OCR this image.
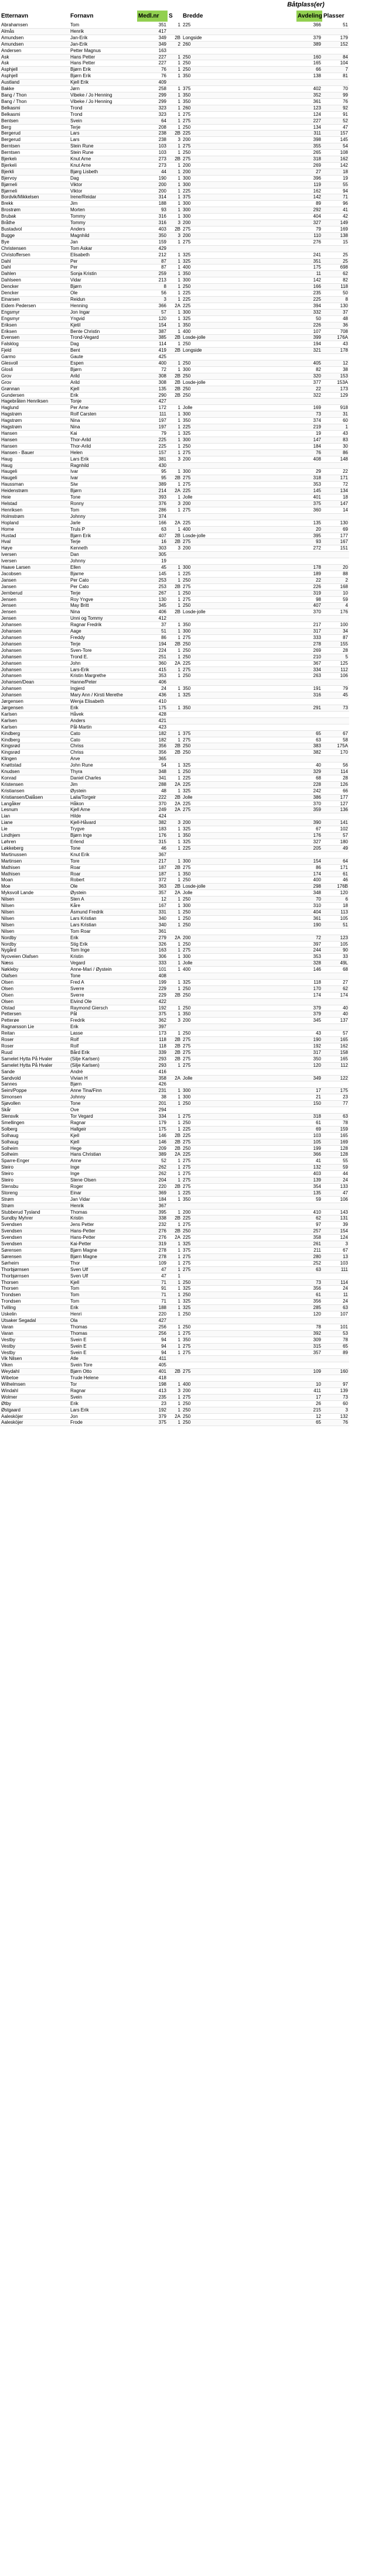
Båtplass(er)
Etternavn	Fornavn	Medl.nr	S	Bredde	Avdeling Plasser
Abrahamsen	Tom	351	1	225		366	51
Almås	Henrik	417					
Amundsen	Jan-Erik	349	2B	Longside		379	179
Amundsen	Jan-Erik	349	2	260		389	152
Andersen	Petter Magnus	163					
Ask	Hans Petter	227	1	250		160	84
Ask	Hans Petter	227	1	250		165	104
Asphjell	Bjørn Erik	76	1	250		66	7
Asphjell	Bjørn Erik	76	1	350		138	81
Austland	Kjell Erik	409					
Bakke	Jørn	258	1	375		402	70
Bang / Thon	Vibeke / Jo Henning	299	1	350		352	99
Bang / Thon	Vibeke / Jo Henning	299	1	350		361	76
Belkasmi	Trond	323	1	260		123	92
Belkasmi	Trond	323	1	275		124	91
Bentsen	Svein	64	1	275		227	52
Berg	Terje	208	1	250		134	47
Bergerud	Lars	238	2B	225		311	157
Bergerud	Lars	238	3	200		398	145
Berntsen	Stein Rune	103	1	275		355	54
Berntsen	Stein Rune	103	1	250		265	108
Bjerkelı	Knut Arne	273	2B	275		318	162
Bjerkeli	Knut Arne	273	1	200		269	142
Bjerkli	Bjørg Lisbeth	44	1	200		27	18
Bjervoy	Dag	190	1	300		396	19
Bjørneli	Viktor	200	1	300		119	55
Bjørneli	Viktor	200	1	225		162	94
Bordvik/Mikkelsen	Irene/Reidar	314	1	375		142	71
Brekk	Jim	188	1	300		89	96
Brostrøm	Morten	93	1	300		292	41
Brubak	Tommy	316	1	300		404	42
Bråthe	Tommy	316	3	200		327	149
Bustadvol	Anders	403	2B	275		79	169
Bugge	Magnhild	350	3	200		110	138
Bye	Jan	159	1	275		276	15
Christensen	Tom Askar	429					
Christoffersen	Elisabeth	212	1	325		241	25
Dahl	Per	87	1	325		351	25
Dahl	Per	87	1	400		175	698
Dahlen	Sonja Kristin	259	1	350		11	62
Dahlseen	Vidar	213	1	300		142	82
Dencker	Bjørn	8	1	250		166	118
Dencker	Ole	56	1	225		235	50
Einarsen	Reidun	3	1	225		225	8
Eidem Pedersen	Henning	366	2A	225		394	130
Engsmyr	Jon Ingar	57	1	300		332	37
Engsmyr	Yngvid	120	1	325		50	48
Eriksen	Kjetil	154	1	350		226	36
Eriksen	Bente Christin	387	1	400		107	708
Evensen	Trond-Vegard	385	2B	Losde-jolle		399	176A
Falsklog	Dag	114	1	250		194	43
Fjeld	Bent	419	2B	Longside		321	178
Garmo	Gaute	425					
Glesvoll	Espen	400	1	250		405	12
Glosli	Bjørn	72	1	300		82	38
Grov	Arild	308	2B	250		320	153
Grov	Arild	308	2B	Losde-jolle		377	153A
Grønnan	Kjell	135	2B	250		22	173
Gundersen	Erik	290	2B	250		322	129
Hagebråten Henriksen	Tonje	427					
Haglund	Per Arne	172	1	Jolle		169	918
Hagstrøm	Rolf Carsten	111	1	300		73	31
Hagstrøm	Nina	197	1	350		374	60
Hagstrøm	Nina	197	1	225		219	1
Hansen	Kai	79	1	325		19	43
Hansen	Thor-Arild	225	1	300		147	83
Hansen	Thor-Arild	225	1	250		184	30
Hansen - Bauer	Helen	157	1	275		76	86
Haug	Lars Erik	381	3	200		408	148
Haug	Ragnhild	430					
Haugeli	Ivar	95	1	300		29	22
Haugeli	Ivar	95	2B	275		318	171
Haussman	Siw	389	1	275		353	72
Heidenstrøm	Bjørn	214	2A	225		145	134
Heie	Tone	393	1	Jolle		401	18
Helstad	Ronny	376	3	200		375	147
Henriksen	Tom	286	1	275		360	14
Holmstrøm	Johnny	374					
Hopland	Jarle	166	2A	225		135	130
Horne	Truls P	63	1	400		20	69
Hustad	Bjørn Erik	407	2B	Losde-jolle		395	177
Hval	Terje	16	2B	275		93	167
Høye	Kenneth	303	3	200		272	151
Iversen	Dan	305					
Iversen	Johnny	19					
Haave Larsen	Ellen	45	1	300		178	20
Jacobsen	Bjarne	145	1	225		189	88
Jansen	Per Cato	253	1	250		22	2
Jansen	Per Cato	253	2B	275		226	168
Jernberud	Terje	267	1	250		319	10
Jensen	Roy Yngve	130	1	275		98	59
Jensen	May Britt	345	1	250		407	4
Jensen	Nina	406	2B	Losde-jolle		370	176
Jensen	Unni og Tommy	412					
Johansen	Ragnar Fredrik	37	1	350		217	100
Johansen	Aage	51	1	300		317	34
Johansen	Freddy	86	1	275		333	87
Johansen	Terje	194	2B	250		278	155
Johansen	Sven-Tore	224	1	250		269	28
Johansen	Trond E.	251	1	250		210	5
Johansen	John	360	2A	225		367	125
Johansen	Lars-Erik	415	1	275		334	112
Johansen	Kristin Margrethe	353	1	250		263	106
Johansen/Dean	Hanne/Peter	406					
Johansen	Ingjerd	24	1	350		191	79
Johansen	Mary Ann / Kirsti Merethe	436	1	325		316	45
Jørgensen	Wenja Elisabeth	410					
Jørgensen	Erik	175	1	350		291	73
Karlsen	Håvek	428					
Karlsen	Anders	421					
Karlsen	Pål-Martin	423					
Kindberg	Cato	182	1	375		65	67
Kindberg	Cato	182	1	275		63	58
Kingsrød	Chriss	356	2B	250		383	175A
Kingsrød	Chriss	356	2B	250		382	170
Klingen	Arve	365					
Knøttstad	John Rune	54	1	325		40	56
Knudsen	Thyra	348	1	250		329	114
Konrad	Daniel Charles	341	1	225		68	28
Kristensen	Jim	288	2A	225		228	126
Kristiansen	Øystein	48	1	325		242	66
Kristiansen/Dalåsen	Laila/Torgeir	222	2B	Jolle		386	177
Langåker	Håkon	370	2A	225		370	127
Lesnum	Kjell Arne	249	2A	275		359	136
Lian	Hilde	424					
Liane	Kjell-Håvard	382	3	200		390	141
Lie	Trygve	183	1	325		67	102
Lindhjem	Bjørn Inge	176	1	350		176	57
Løhren	Erlend	315	1	325		327	180
Løkkeberg	Tone	46	1	225		205	49
Martinussen	Knut Erik	367					
Martinsen	Tore	217	1	300		154	64
Mathisen	Roar	187	2B	275		86	171
Mathisen	Roar	187	1	350		174	61
Moan	Robert	372	1	250		400	46
Moe	Ole	363	2B	Losde-jolle		298	176B
Myksvoll Lande	Øystein	357	2A	Jolle		348	120
Nilsen	Sten A	12	1	250		70	6
Nilsen	Kåre	167	1	300		310	18
Nilsen	Åsmund Fredrik	331	1	250		404	113
Nilsen	Lars Kristian	340	1	250		361	105
Nilsen	Lars Kristian	340	1	250		190	51
Nilsen	Tom Roar	361					
Nordby	Erik	279	2A	200		72	123
Nordby	Stig Erik	326	1	250		397	105
Nygård	Tom Inge	163	1	275		244	90
Nyoveien Olafsen	Kristin	306	1	300		353	33
Næss	Vegard	333	1	Jolle		328	49L
Nøkleby	Anne-Mari / Øystein	101	1	400		146	68
Olafsen	Tone	408					
Olsen	Fred A	199	1	325		118	27
Olsen	Sverre	229	1	250		170	62
Olsen	Sverre	229	2B	250		174	174
Olsen	Eivind Ole	422					
Olstad	Raymond Giersch	192	1	250		379	40
Pettersen	Pål	375	1	350		379	40
Petterøe	Fredrik	362	3	200		345	137
Ragnarsson Lie	Erik	397					
Reitan	Lasse	173	1	250		43	57
Roser	Rolf	118	2B	275		190	165
Roser	Rolf	118	2B	275		192	162
Ruud	Bård Erik	339	2B	275		317	158
Samelet Hytta På Hvaler	(Silje Karlsen)	293	2B	275		350	165
Samelet Hytta På Hvaler	(Silje Karlsen)	293	1	275		120	112
Sande	André	416					
Sandvold	Vivian H	358	2A	Jolle		349	122
Sannes	Bjørn	426					
Seim/Poppe	Anne Tina/Finn	231	1	300		17	175
Simonsen	Johnny	38	1	300		21	23
Sjøvollen	Tone	201	1	250		150	77
Skår	Ove	294					
Slensvik	Tor Vegard	334	1	275		318	63
Smellingen	Ragnar	179	1	250		61	78
Solberg	Hallgeir	175	1	225		69	159
Solhaug	Kjell	146	2B	225		103	165
Solhaug	Kjell	146	2B	275		105	169
Solheim	Hege	209	2B	250		199	128
Solheim	Hans Christian	389	2A	225		366	128
Sparre-Enger	Anne	52	1	275		41	55
Steiro	Inge	262	1	275		132	59
Steiro	Inge	262	1	275		403	44
Steiro	Stene Olsen	204	1	275		139	24
Stensbu	Roger	220	2B	275		354	133
Storeng	Einar	369	1	225		135	47
Strøm	Jan Vidar	184	1	350		59	106
Strøm	Henrik	367					
Stubberud Tysland	Thomas	395	1	200		410	143
Sundby Myhrer	Kristin	338	2B	225		62	131
Svendsen	Jens Petter	232	1	275		97	39
Svendsen	Hans-Petter	276	2B	250		257	154
Svendsen	Hans-Petter	276	2A	225		358	124
Svendsen	Kai-Petter	319	1	325		261	3
Sørensen	Bjørn Magne	278	1	375		211	67
Sørensen	Bjørn Magne	278	1	275		280	13
Sørheim	Thor	109	1	275		252	103
Thorbjørnsen	Sven Ulf	47	1	275		63	111
Thorbjørnsen	Sven Ulf	47	1				
Thorsen	Kjell	71	1	250		73	114
Thorsen	Tom	91	1	325		356	24
Trondsen	Tom	71	1	250		61	11
Trondsen	Tom	71	1	325		356	24
Tvilling	Erik	188	1	325		285	63
Uskelin	Henri	220	1	250		120	107
Utsaker Segadal	Ola	427					
Varan	Thomas	256	1	250		78	101
Varan	Thomas	256	1	275		392	53
Vestby	Svein E	94	1	350		309	78
Vestby	Svein E	94	1	275		315	65
Vestby	Svein E	94	1	275		357	89
Vik Nilsen	Atle	411					
Viken	Svein Tore	405					
Weydahl	Bjørn Otto	401	2B	275		109	160
Wibetoe	Trude Helene	418					
Wilhelmsen	Tor	198	1	400		10	97
Windahl	Ragnar	413	3	200		411	139
Wolmer	Svein	235	1	275		17	73
Øtby	Erik	23	1	250		26	60
Østgaard	Lars Erik	192	1	250		215	3
Aalesköjer	Jon	379	2A	250		12	132
Aalesköjer	Frode	375	1	250		65	76
